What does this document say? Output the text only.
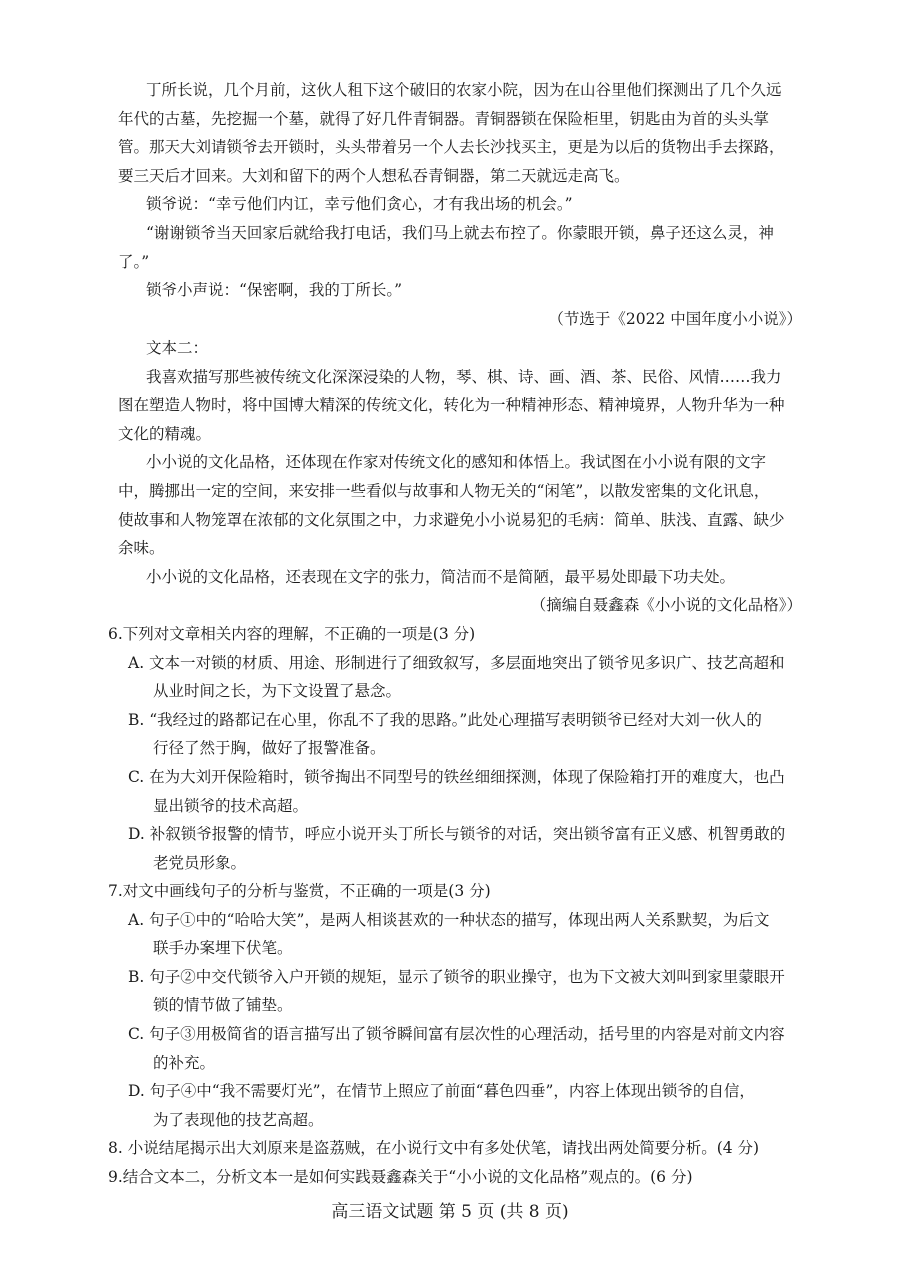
丁所长说，几个月前，这伙人租下这个破旧的农家小院，因为在山谷里他们探测出了几个久远
年代的古墓，先挖掘一个墓，就得了好几件青铜器。青铜器锁在保险柜里，钥匙由为首的头头掌
管。那天大刘请锁爷去开锁时，头头带着另一个人去长沙找买主，更是为以后的货物出手去探路，
要三天后才回来。大刘和留下的两个人想私吞青铜器，第二天就远走高飞。
锁爷说：“幸亏他们内讧，幸亏他们贪心，才有我出场的机会。”
“谢谢锁爷当天回家后就给我打电话，我们马上就去布控了。你蒙眼开锁，鼻子还这么灵，神
了。”
锁爷小声说：“保密啊，我的丁所长。”
（节选于《2022 中国年度小小说》）
文本二：
我喜欢描写那些被传统文化深深浸染的人物，琴、棋、诗、画、酒、茶、民俗、风情……我力
图在塑造人物时，将中国博大精深的传统文化，转化为一种精神形态、精神境界，人物升华为一种
文化的精魂。
小小说的文化品格，还体现在作家对传统文化的感知和体悟上。我试图在小小说有限的文字
中，腾挪出一定的空间，来安排一些看似与故事和人物无关的“闲笔”，以散发密集的文化讯息，
使故事和人物笼罩在浓郁的文化氛围之中，力求避免小小说易犯的毛病：简单、肤浅、直露、缺少
余味。
小小说的文化品格，还表现在文字的张力，简洁而不是简陋，最平易处即最下功夫处。
（摘编自聂鑫森《小小说的文化品格》）
6.下列对文章相关内容的理解，不正确的一项是(3 分)
A. 文本一对锁的材质、用途、形制进行了细致叙写，多层面地突出了锁爷见多识广、技艺高超和
从业时间之长，为下文设置了悬念。
B. “我经过的路都记在心里，你乱不了我的思路。”此处心理描写表明锁爷已经对大刘一伙人的
行径了然于胸，做好了报警准备。
C. 在为大刘开保险箱时，锁爷掏出不同型号的铁丝细细探测，体现了保险箱打开的难度大，也凸
显出锁爷的技术高超。
D. 补叙锁爷报警的情节，呼应小说开头丁所长与锁爷的对话，突出锁爷富有正义感、机智勇敢的
老党员形象。
7.对文中画线句子的分析与鉴赏，不正确的一项是(3 分)
A. 句子①中的“哈哈大笑”，是两人相谈甚欢的一种状态的描写，体现出两人关系默契，为后文
联手办案埋下伏笔。
B. 句子②中交代锁爷入户开锁的规矩，显示了锁爷的职业操守，也为下文被大刘叫到家里蒙眼开
锁的情节做了铺垫。
C. 句子③用极简省的语言描写出了锁爷瞬间富有层次性的心理活动，括号里的内容是对前文内容
的补充。
D. 句子④中“我不需要灯光”，在情节上照应了前面“暮色四垂”，内容上体现出锁爷的自信，
为了表现他的技艺高超。
8. 小说结尾揭示出大刘原来是盗荔贼，在小说行文中有多处伏笔，请找出两处简要分析。(4 分)
9.结合文本二，分析文本一是如何实践聂鑫森关于“小小说的文化品格”观点的。(6 分)
高三语文试题 第 5 页 (共 8 页)
